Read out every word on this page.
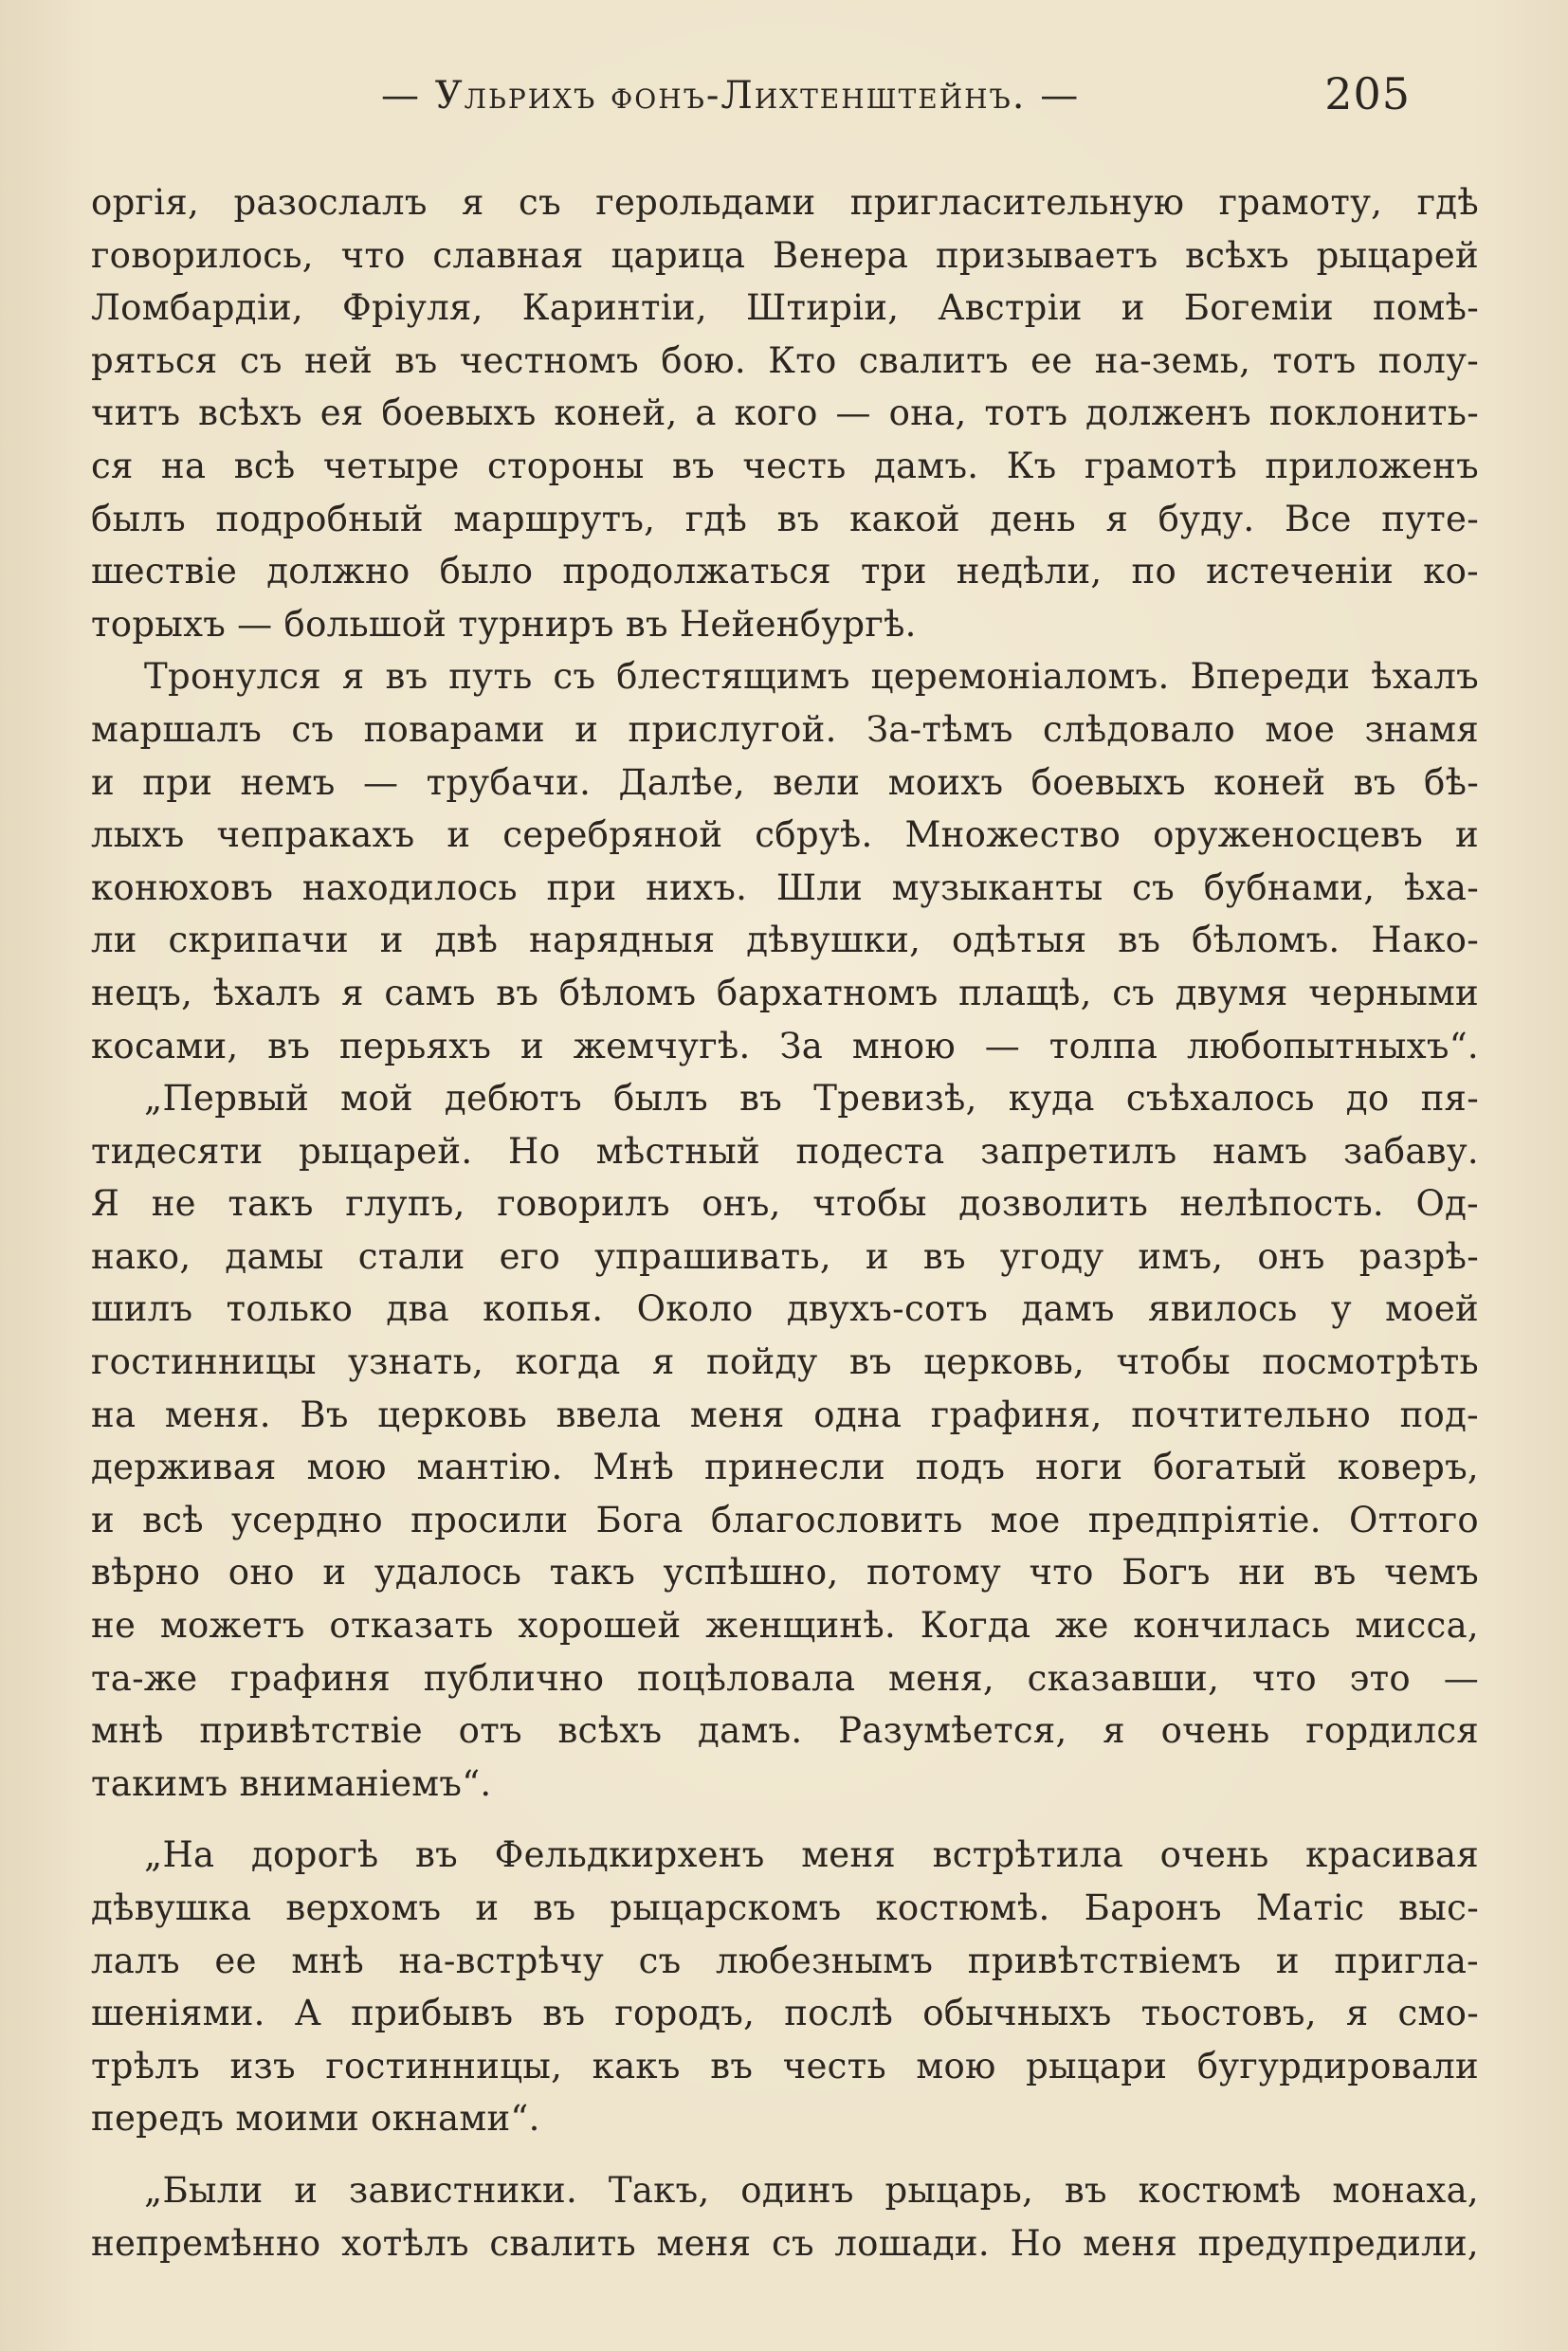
— Ульрихъ фонъ-Лихтенштейнъ. —	205
оргія, разослалъ я съ герольдами пригласительную грамоту, гдѣ
говорилось, что славная царица Венера призываетъ всѣхъ рыцарей
Ломбардіи, Фріуля, Каринтіи, Штиріи, Австріи и Богеміи помѣ-
ряться съ ней въ честномъ бою. Кто свалитъ ее на-земь, тотъ полу-
читъ всѣхъ ея боевыхъ коней, а кого — она, тотъ долженъ поклонить-
ся на всѣ четыре стороны въ честь дамъ. Къ грамотѣ приложенъ
былъ подробный маршрутъ, гдѣ въ какой день я буду. Все путе-
шествіе должно было продолжаться три недѣли, по истеченіи ко-
торыхъ — большой турниръ въ Нейенбургѣ.
Тронулся я въ путь съ блестящимъ церемоніаломъ. Впереди ѣхалъ
маршалъ съ поварами и прислугой. За-тѣмъ слѣдовало мое знамя
и при немъ — трубачи. Далѣе, вели моихъ боевыхъ коней въ бѣ-
лыхъ чепракахъ и серебряной сбруѣ. Множество оруженосцевъ и
конюховъ находилось при нихъ. Шли музыканты съ бубнами, ѣха-
ли скрипачи и двѣ нарядныя дѣвушки, одѣтыя въ бѣломъ. Нако-
нецъ, ѣхалъ я самъ въ бѣломъ бархатномъ плащѣ, съ двумя черными
косами, въ перьяхъ и жемчугѣ. За мною — толпа любопытныхъ“.
„Первый мой дебютъ былъ въ Тревизѣ, куда съѣхалось до пя-
тидесяти рыцарей. Но мѣстный подеста запретилъ намъ забаву.
Я не такъ глупъ, говорилъ онъ, чтобы дозволить нелѣпость. Од-
нако, дамы стали его упрашивать, и въ угоду имъ, онъ разрѣ-
шилъ только два копья. Около двухъ-сотъ дамъ явилось у моей
гостинницы узнать, когда я пойду въ церковь, чтобы посмотрѣть
на меня. Въ церковь ввела меня одна графиня, почтительно под-
держивая мою мантію. Мнѣ принесли подъ ноги богатый коверъ,
и всѣ усердно просили Бога благословить мое предпріятіе. Оттого
вѣрно оно и удалось такъ успѣшно, потому что Богъ ни въ чемъ
не можетъ отказать хорошей женщинѣ. Когда же кончилась мисса,
та-же графиня публично поцѣловала меня, сказавши, что это —
мнѣ привѣтствіе отъ всѣхъ дамъ. Разумѣется, я очень гордился
такимъ вниманіемъ“.
„На дорогѣ въ Фельдкирхенъ меня встрѣтила очень красивая
дѣвушка верхомъ и въ рыцарскомъ костюмѣ. Баронъ Матіс выс-
лалъ ее мнѣ на-встрѣчу съ любезнымъ привѣтствіемъ и пригла-
шеніями. А прибывъ въ городъ, послѣ обычныхъ тьостовъ, я смо-
трѣлъ изъ гостинницы, какъ въ честь мою рыцари бугурдировали
передъ моими окнами“.
„Были и завистники. Такъ, одинъ рыцарь, въ костюмѣ монаха,
непремѣнно хотѣлъ свалить меня съ лошади. Но меня предупредили,
